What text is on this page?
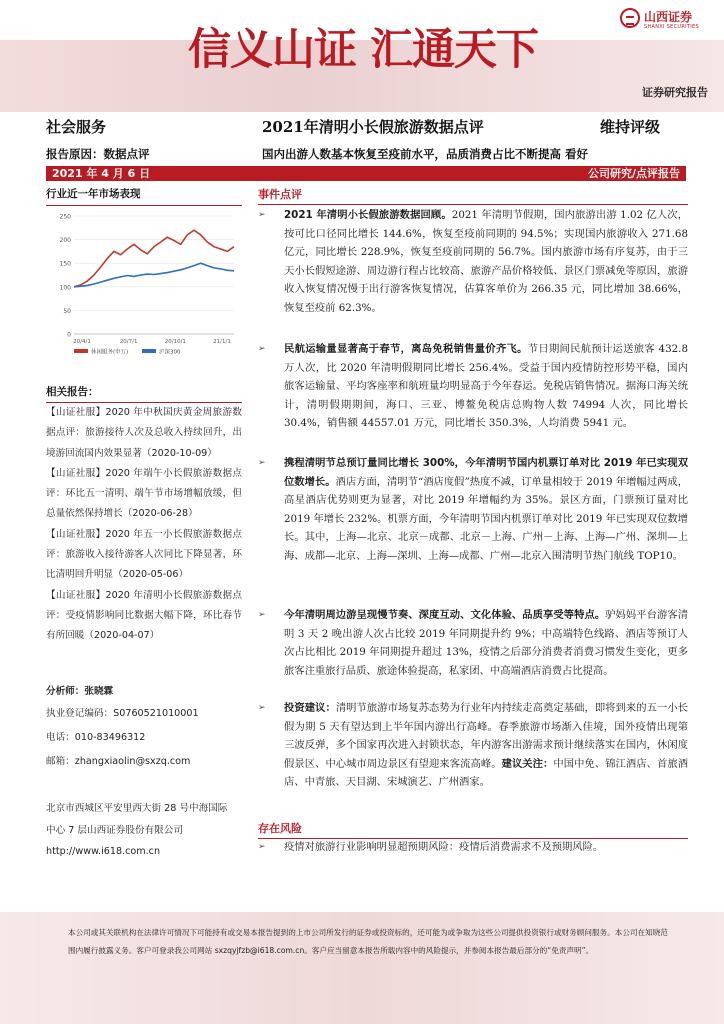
信义山证 汇通天下
山西证券
SHANXI SECURITIES
证券研究报告
社会服务	2021年清明小长假旅游数据点评	维持评级
报告原因：数据点评	国内出游人数基本恢复至疫前水平，品质消费占比不断提高 看好
2021 年 4 月 6 日	公司研究/点评报告
行业近一年市场表现
0
50
100
150
200
250
20/4/1	20/7/1	20/10/1	21/1/1
休闲服务(申万)	沪深300
相关报告：

【山证社服】2020 年中秋国庆黄金周旅游数据点评：旅游接待人次及总收入持续回升，出境游回流国内效果显著（2020-10-09）

【山证社服】2020 年端午小长假旅游数据点评：环比五一清明、端午节市场增幅放缓，但总量依然保持增长（2020-06-28）

【山证社服】2020 年五一小长假旅游数据点评：旅游收入接待游客人次同比下降显著，环比清明回升明显（2020-05-06）

【山证社服】2020 年清明小长假旅游数据点评：受疫情影响同比数据大幅下降，环比春节有所回暖（2020-04-07）

分析师：张晓霖
执业登记编码：S0760521010001
电话：010-83496312
邮箱：zhangxiaolin@sxzq.com
北京市西城区平安里西大街 28 号中海国际中心 7 层山西证券股份有限公司
http://www.i618.com.cn
事件点评
➢ 2021 年清明小长假旅游数据回顾。2021 年清明节假期，国内旅游出游 1.02 亿人次，按可比口径同比增长 144.6%，恢复至疫前同期的 94.5%；实现国内旅游收入 271.68 亿元，同比增长 228.9%，恢复至疫前同期的 56.7%。国内旅游市场有序复苏，由于三天小长假短途游、周边游行程占比较高、旅游产品价格较低、景区门票减免等原因，旅游收入恢复情况慢于出行游客恢复情况，估算客单价为 266.35 元，同比增加 38.66%，恢复至疫前 62.3%。
➢ 民航运输量显著高于春节，离岛免税销售量价齐飞。节日期间民航预计运送旅客 432.8 万人次，比 2020 年清明假期同比增长 256.4%。受益于国内疫情防控形势平稳，国内旅客运输量、平均客座率和航班量均明显高于今年春运。免税店销售情况。据海口海关统计，清明假期期间，海口、三亚、博鳌免税店总购物人数 74994 人次，同比增长 30.4%，销售额 44557.01 万元，同比增长 350.3%，人均消费 5941 元。
➢ 携程清明节总预订量同比增长 300%，今年清明节国内机票订单对比 2019 年已实现双位数增长。酒店方面，清明节“酒店度假”热度不减，订单量相较于 2019 年增幅过两成，高星酒店优势则更为显著，对比 2019 年增幅约为 35%。景区方面，门票预订量对比 2019 年增长 232%。机票方面，今年清明节国内机票订单对比 2019 年已实现双位数增长。其中，上海—北京、北京－成都、北京－上海、广州－上海、上海—广州、深圳—上海、成都—北京、上海—深圳、上海—成都、广州—北京入围清明节热门航线 TOP10。
➢ 今年清明周边游呈现慢节奏、深度互动、文化体验、品质享受等特点。驴妈妈平台游客清明 3 天 2 晚出游人次占比较 2019 年同期提升约 9%；中高端特色线路、酒店等预订人次占比相比 2019 年同期提升超过 13%，疫情之后部分消费者消费习惯发生变化，更多旅客注重旅行品质、旅途体验提高，私家团、中高端酒店消费占比提高。
➢ 投资建议：清明节旅游市场复苏态势为行业年内持续走高奠定基础，即将到来的五一小长假为期 5 天有望达到上半年国内游出行高峰。春季旅游市场渐入佳境，国外疫情出现第三波反弹，多个国家再次进入封锁状态，年内游客出游需求预计继续落实在国内，休闲度假景区、中心城市周边景区有望迎来客流高峰。建议关注：中国中免、锦江酒店、首旅酒店、中青旅、天目湖、宋城演艺、广州酒家。
存在风险
➢ 疫情对旅游行业影响明显超预期风险：疫情后消费需求不及预期风险。
本公司或其关联机构在法律许可情况下可能持有或交易本报告提到的上市公司所发行的证券或投资标的，还可能为或争取为这些公司提供投资银行或财务顾问服务。本公司在知晓范围内履行披露义务。客户可登录我公司网站 sxzqyjfzb@i618.com.cn。客户应当留意本报告所载内容中的风险提示，并参阅本报告最后部分的“免责声明”。
